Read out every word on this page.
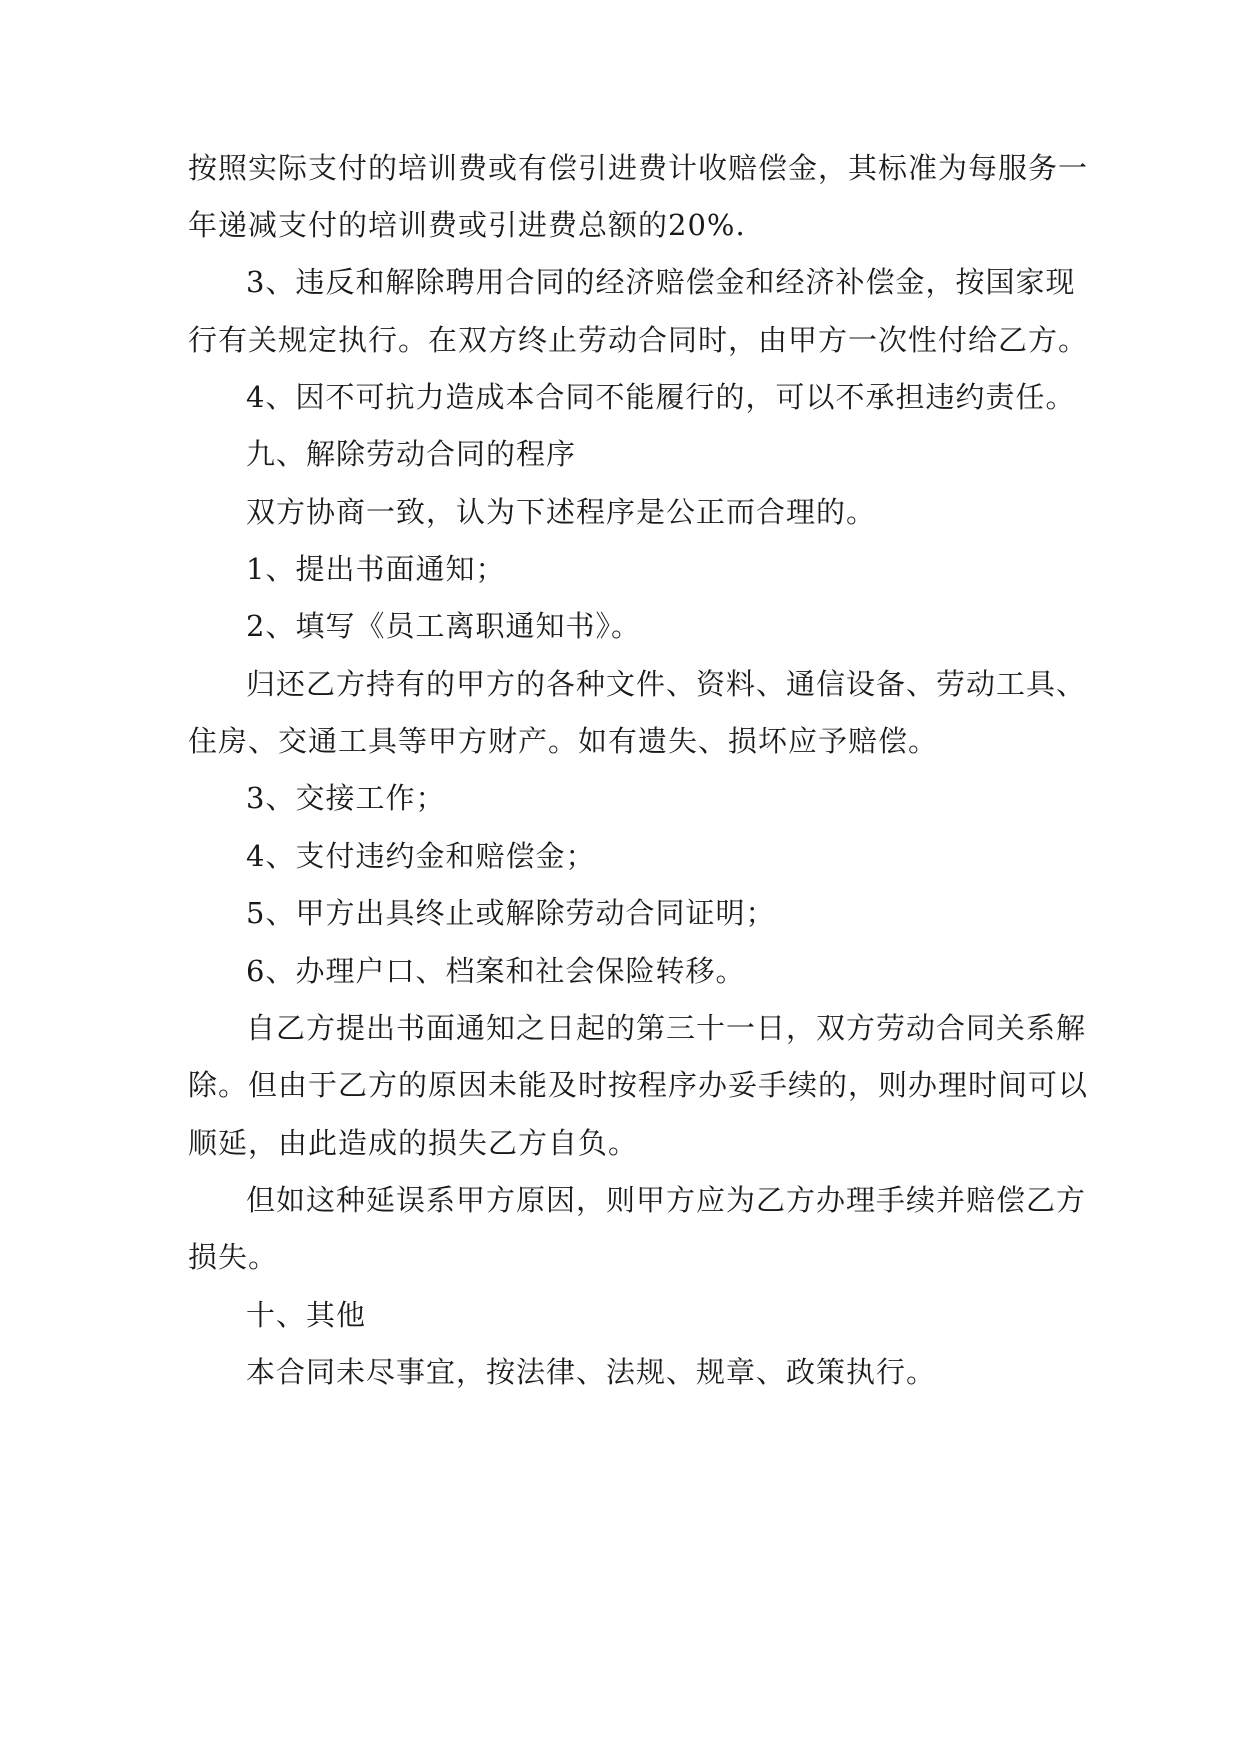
按照实际支付的培训费或有偿引进费计收赔偿金，其标准为每服务一
年递减支付的培训费或引进费总额的20%.
3、违反和解除聘用合同的经济赔偿金和经济补偿金，按国家现
行有关规定执行。在双方终止劳动合同时，由甲方一次性付给乙方。
4、因不可抗力造成本合同不能履行的，可以不承担违约责任。
九、解除劳动合同的程序
双方协商一致，认为下述程序是公正而合理的。
1、提出书面通知；
2、填写《员工离职通知书》。
归还乙方持有的甲方的各种文件、资料、通信设备、劳动工具、
住房、交通工具等甲方财产。如有遗失、损坏应予赔偿。
3、交接工作；
4、支付违约金和赔偿金；
5、甲方出具终止或解除劳动合同证明；
6、办理户口、档案和社会保险转移。
自乙方提出书面通知之日起的第三十一日，双方劳动合同关系解
除。但由于乙方的原因未能及时按程序办妥手续的，则办理时间可以
顺延，由此造成的损失乙方自负。
但如这种延误系甲方原因，则甲方应为乙方办理手续并赔偿乙方
损失。
十、其他
本合同未尽事宜，按法律、法规、规章、政策执行。
